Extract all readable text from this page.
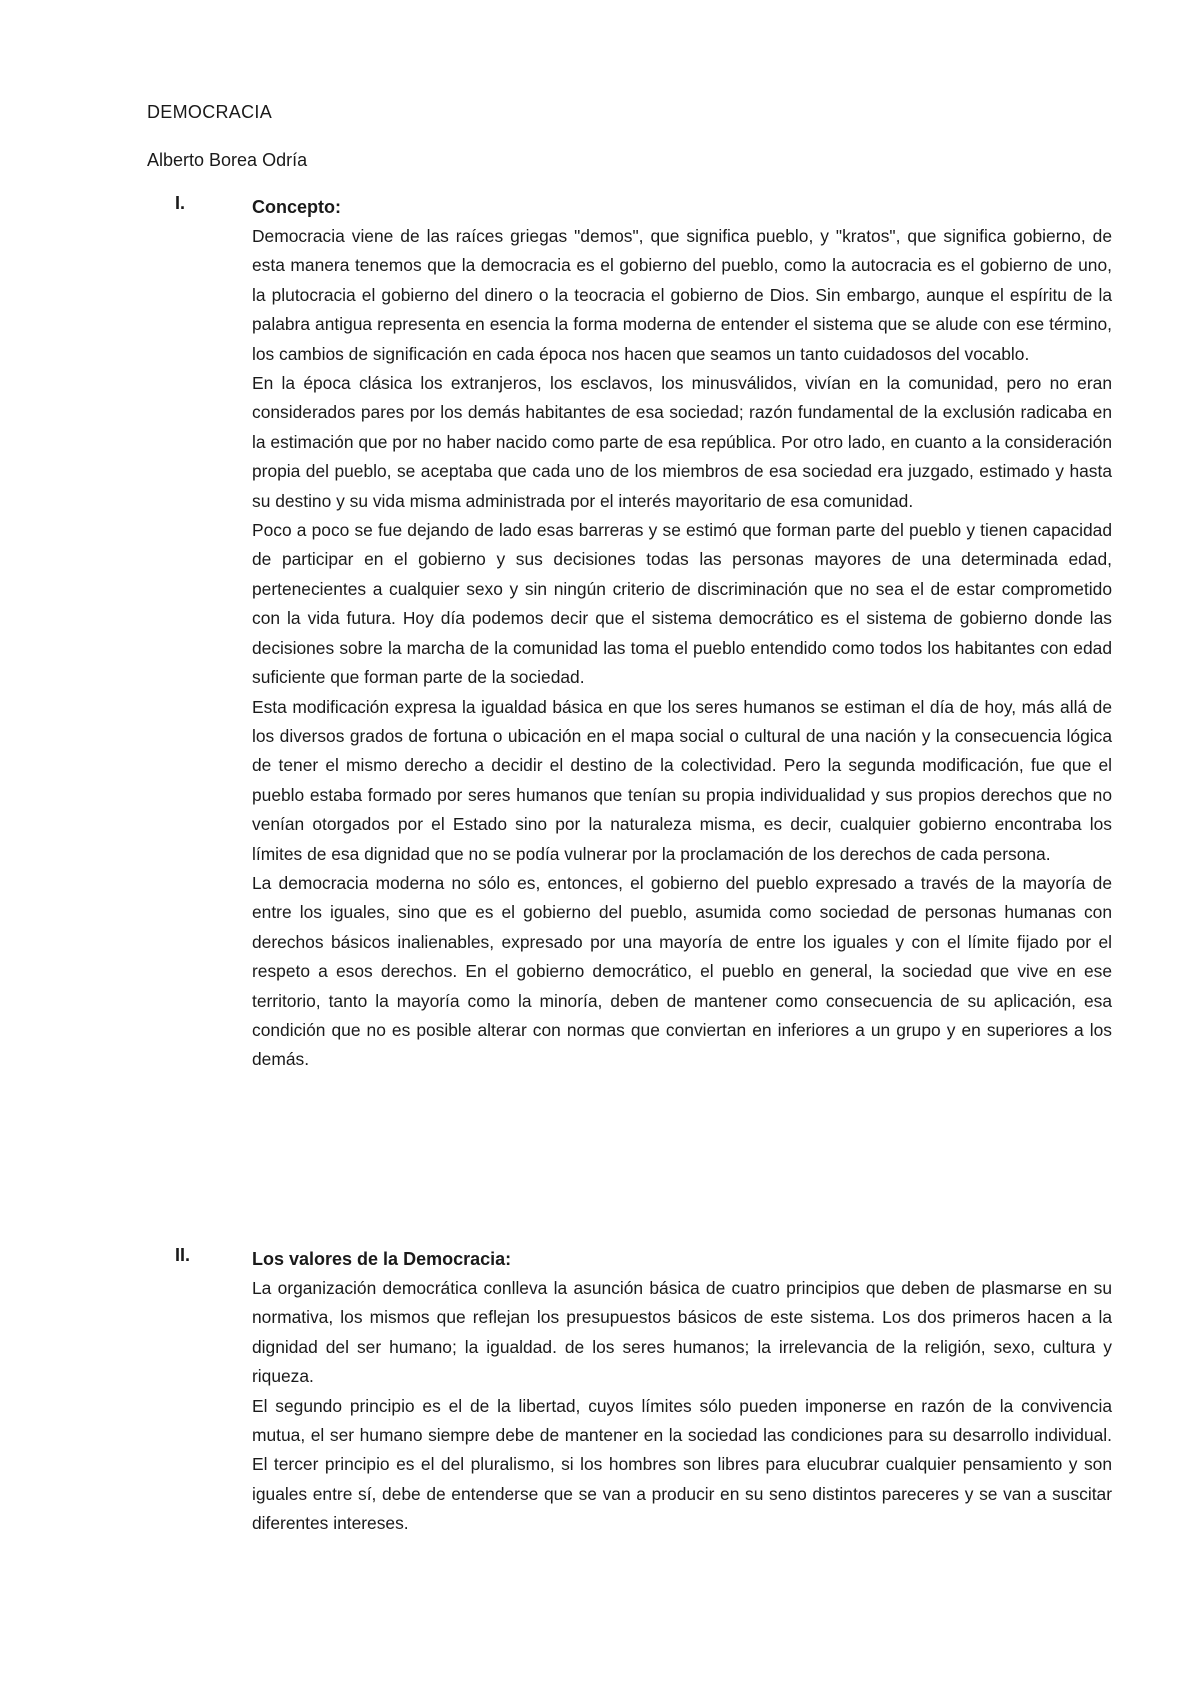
DEMOCRACIA

Alberto Borea Odría

I.	Concepto:

Democracia viene de las raíces griegas "demos", que significa pueblo, y "kratos", que significa gobierno, de esta manera tenemos que la democracia es el gobierno del pueblo, como la autocracia es el gobierno de uno, la plutocracia el gobierno del dinero o la teocracia el gobierno de Dios. Sin embargo, aunque el espíritu de la palabra antigua representa en esencia la forma moderna de entender el sistema que se alude con ese término, los cambios de significación en cada época nos hacen que seamos un tanto cuidadosos del vocablo.

En la época clásica los extranjeros, los esclavos, los minusválidos, vivían en la comunidad, pero no eran considerados pares por los demás habitantes de esa sociedad; razón fundamental de la exclusión radicaba en la estimación que por no haber nacido como parte de esa república. Por otro lado, en cuanto a la consideración propia del pueblo, se aceptaba que cada uno de los miembros de esa sociedad era juzgado, estimado y hasta su destino y su vida misma administrada por el interés mayoritario de esa comunidad.

Poco a poco se fue dejando de lado esas barreras y se estimó que forman parte del pueblo y tienen capacidad de participar en el gobierno y sus decisiones todas las personas mayores de una determinada edad, pertenecientes a cualquier sexo y sin ningún criterio de discriminación que no sea el de estar comprometido con la vida futura. Hoy día podemos decir que el sistema democrático es el sistema de gobierno donde las decisiones sobre la marcha de la comunidad las toma el pueblo entendido como todos los habitantes con edad suficiente que forman parte de la sociedad.

Esta modificación expresa la igualdad básica en que los seres humanos se estiman el día de hoy, más allá de los diversos grados de fortuna o ubicación en el mapa social o cultural de una nación y la consecuencia lógica de tener el mismo derecho a decidir el destino de la colectividad. Pero la segunda modificación, fue que el pueblo estaba formado por seres humanos que tenían su propia individualidad y sus propios derechos que no venían otorgados por el Estado sino por la naturaleza misma, es decir, cualquier gobierno encontraba los límites de esa dignidad que no se podía vulnerar por la proclamación de los derechos de cada persona.

La democracia moderna no sólo es, entonces, el gobierno del pueblo expresado a través de la mayoría de entre los iguales, sino que es el gobierno del pueblo, asumida como sociedad de personas humanas con derechos básicos inalienables, expresado por una mayoría de entre los iguales y con el límite fijado por el respeto a esos derechos. En el gobierno democrático, el pueblo en general, la sociedad que vive en ese territorio, tanto la mayoría como la minoría, deben de mantener como consecuencia de su aplicación, esa condición que no es posible alterar con normas que conviertan en inferiores a un grupo y en superiores a los demás.

II.	Los valores de la Democracia:

La organización democrática conlleva la asunción básica de cuatro principios que deben de plasmarse en su normativa, los mismos que reflejan los presupuestos básicos de este sistema. Los dos primeros hacen a la dignidad del ser humano; la igualdad. de los seres humanos; la irrelevancia de la religión, sexo, cultura y riqueza.

El segundo principio es el de la libertad, cuyos límites sólo pueden imponerse en razón de la convivencia mutua, el ser humano siempre debe de mantener en la sociedad las condiciones para su desarrollo individual. El tercer principio es el del pluralismo, si los hombres son libres para elucubrar cualquier pensamiento y son iguales entre sí, debe de entenderse que se van a producir en su seno distintos pareceres y se van a suscitar diferentes intereses.
